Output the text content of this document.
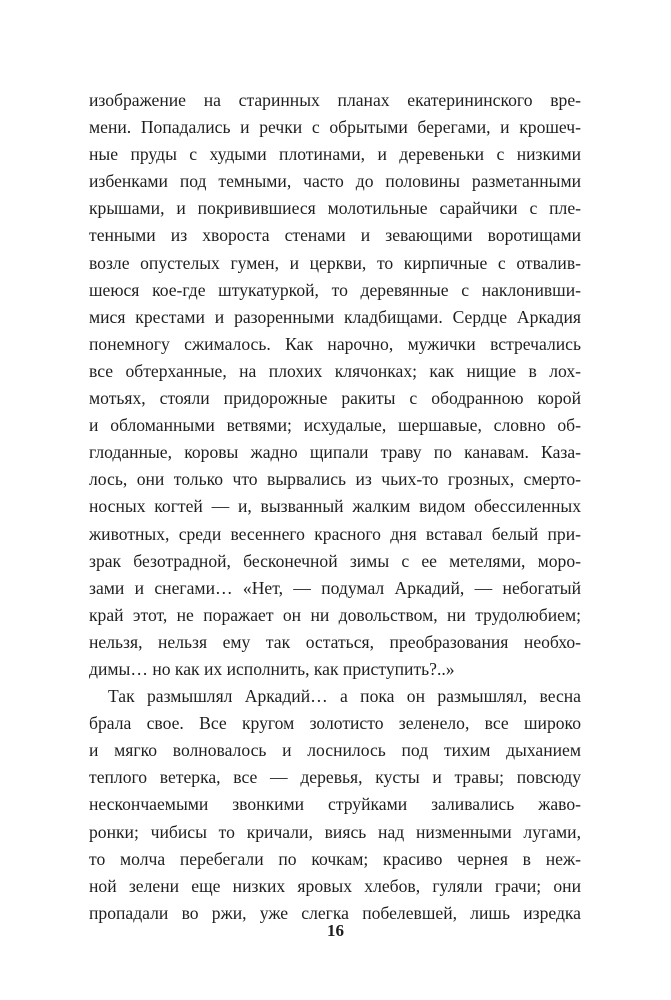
изображение на старинных планах екатерининского вре-
мени. Попадались и речки с обрытыми берегами, и крошеч-
ные пруды с худыми плотинами, и деревеньки с низкими
избенками под темными, часто до половины разметанными
крышами, и покривившиеся молотильные сарайчики с пле-
тенными из хвороста стенами и зевающими воротищами
возле опустелых гумен, и церкви, то кирпичные с отвалив-
шеюся кое-где штукатуркой, то деревянные с наклонивши-
мися крестами и разоренными кладбищами. Сердце Аркадия
понемногу сжималось. Как нарочно, мужички встречались
все обтерханные, на плохих клячонках; как нищие в лох-
мотьях, стояли придорожные ракиты с ободранною корой
и обломанными ветвями; исхудалые, шершавые, словно об-
глоданные, коровы жадно щипали траву по канавам. Каза-
лось, они только что вырвались из чьих-то грозных, смерто-
носных когтей — и, вызванный жалким видом обессиленных
животных, среди весеннего красного дня вставал белый при-
зрак безотрадной, бесконечной зимы с ее метелями, моро-
зами и снегами… «Нет, — подумал Аркадий, — небогатый
край этот, не поражает он ни довольством, ни трудолюбием;
нельзя, нельзя ему так остаться, преобразования необхо-
димы… но как их исполнить, как приступить?..»
Так размышлял Аркадий… а пока он размышлял, весна
брала свое. Все кругом золотисто зеленело, все широко
и мягко волновалось и лоснилось под тихим дыханием
теплого ветерка, все — деревья, кусты и травы; повсюду
нескончаемыми звонкими струйками заливались жаво-
ронки; чибисы то кричали, виясь над низменными лугами,
то молча перебегали по кочкам; красиво чернея в неж-
ной зелени еще низких яровых хлебов, гуляли грачи; они
пропадали во ржи, уже слегка побелевшей, лишь изредка
16
